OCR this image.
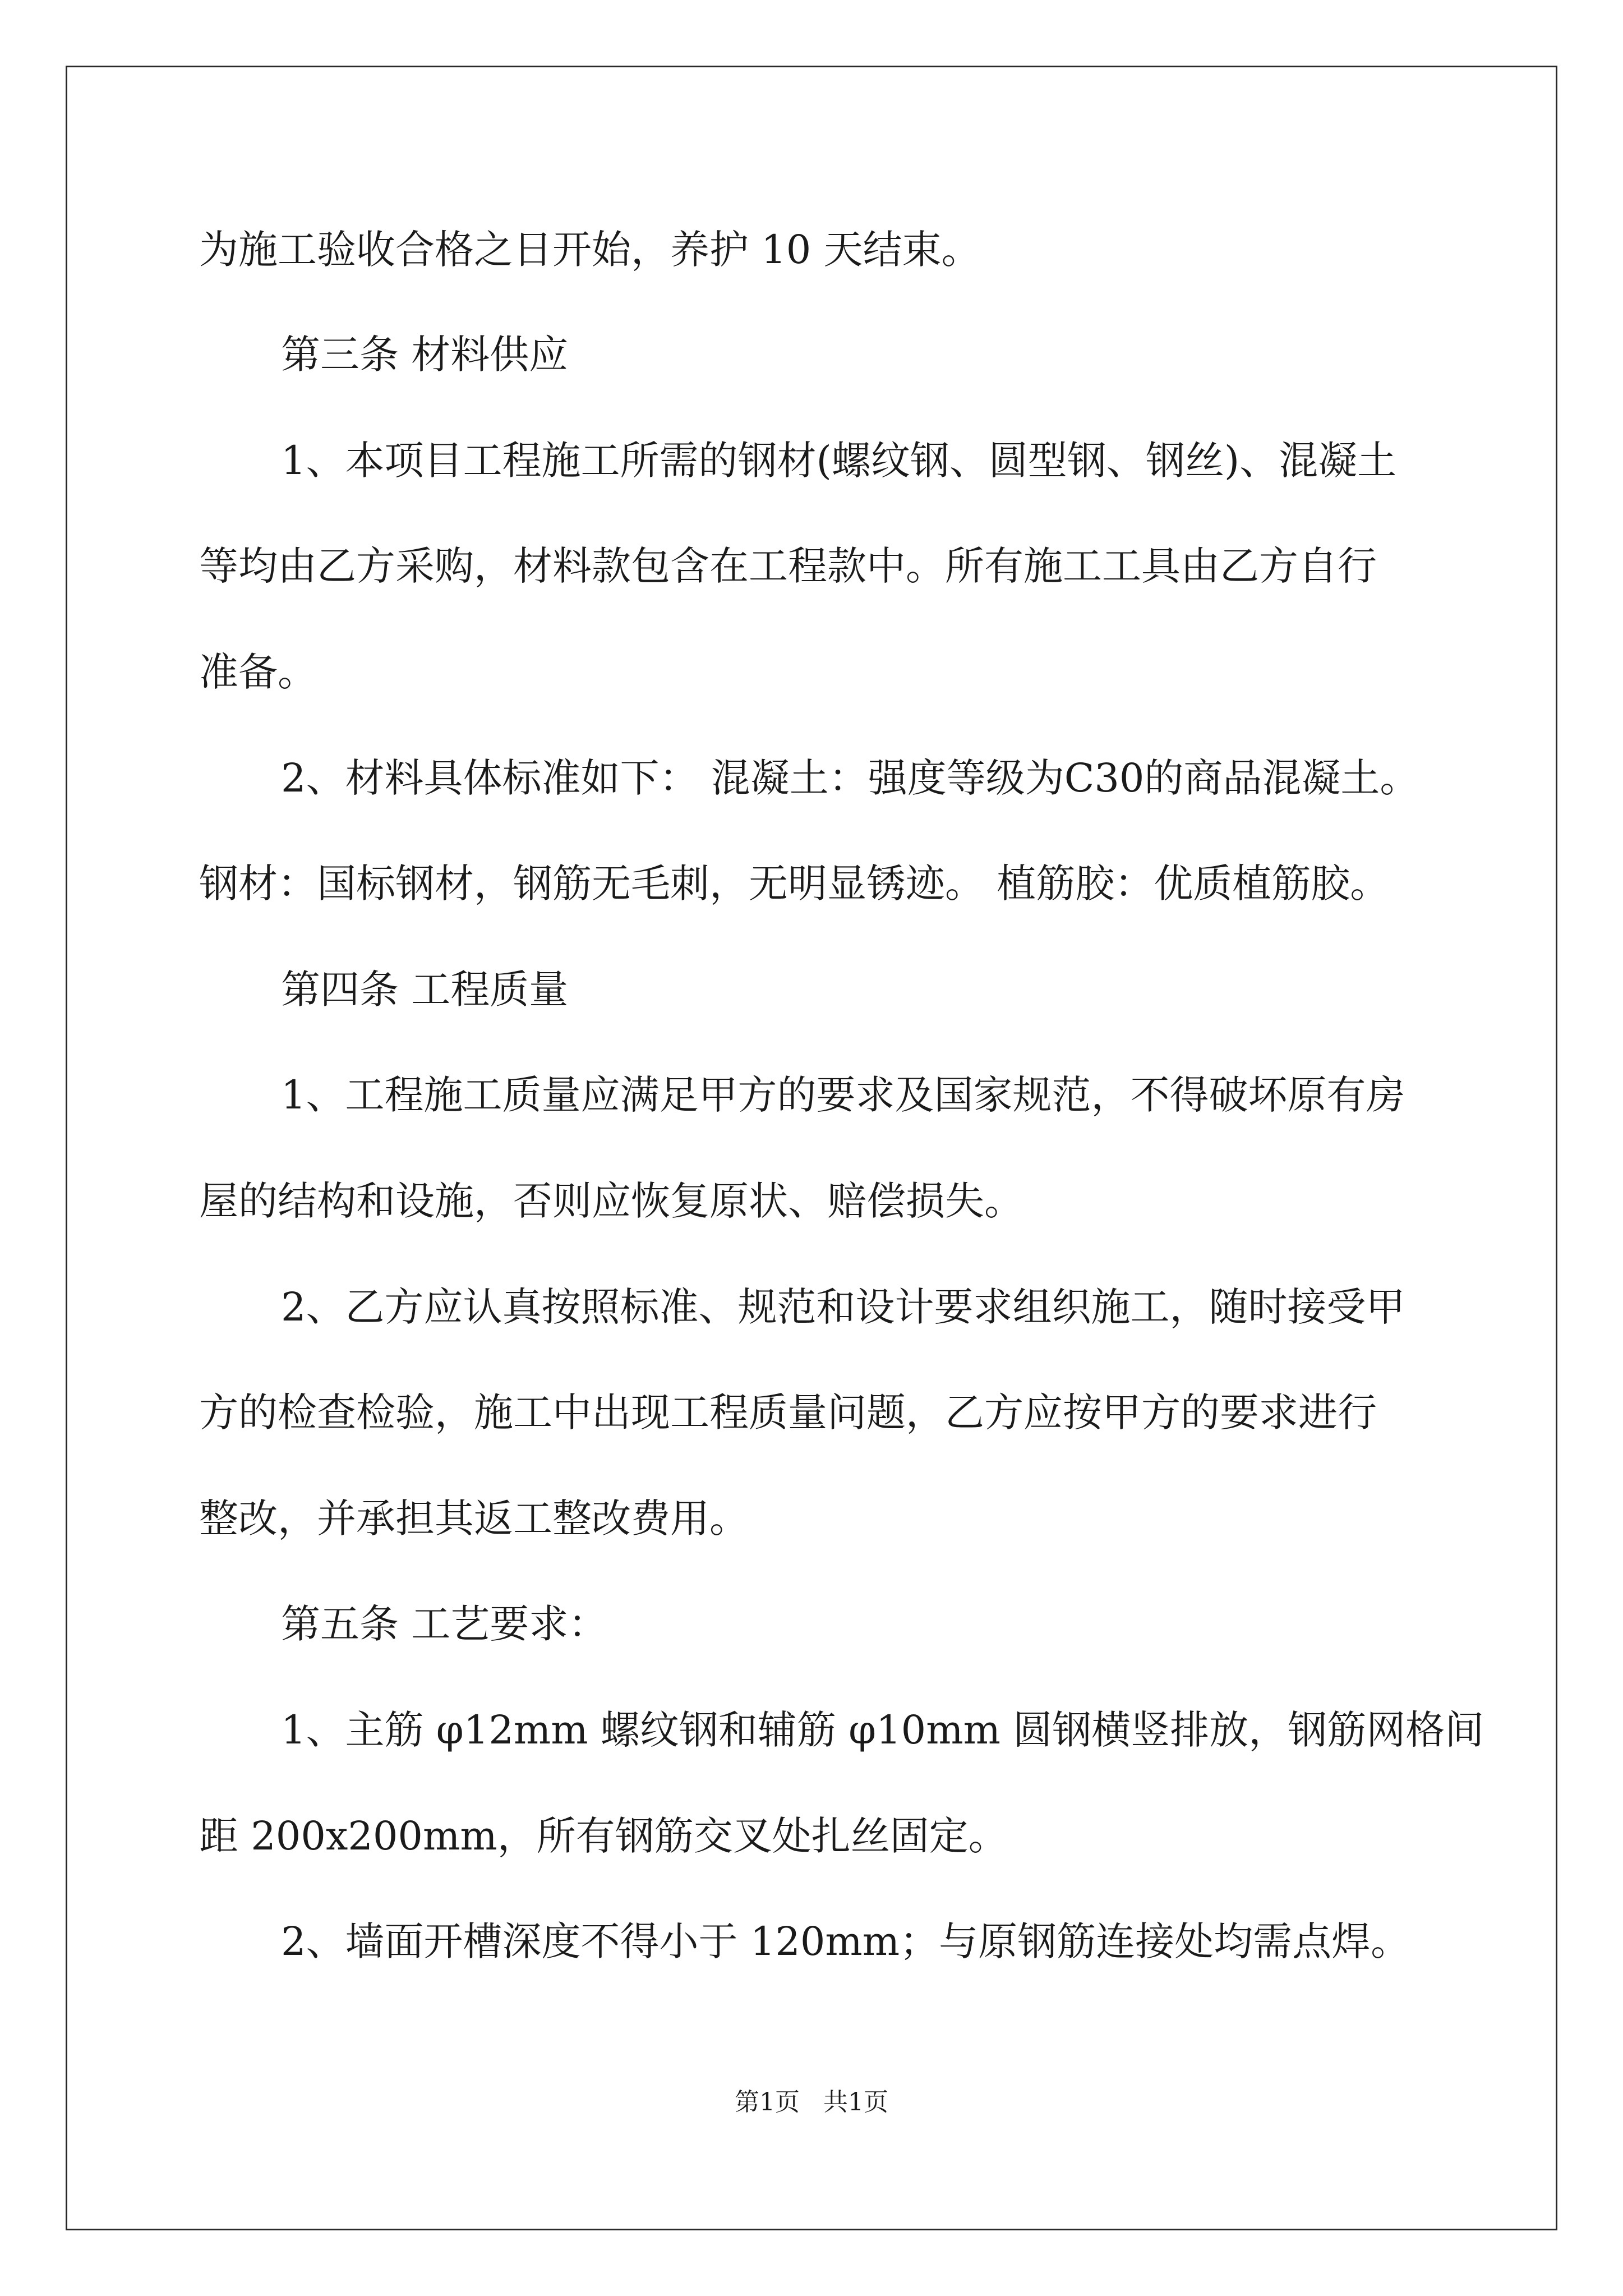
为施工验收合格之日开始，养护 10 天结束。
第三条 材料供应
1、本项目工程施工所需的钢材(螺纹钢、圆型钢、钢丝)、混凝土
等均由乙方采购，材料款包含在工程款中。所有施工工具由乙方自行
准备。
2、材料具体标准如下： 混凝土：强度等级为C30的商品混凝土。
钢材：国标钢材，钢筋无毛刺，无明显锈迹。 植筋胶：优质植筋胶。
第四条 工程质量
1、工程施工质量应满足甲方的要求及国家规范，不得破坏原有房
屋的结构和设施，否则应恢复原状、赔偿损失。
2、乙方应认真按照标准、规范和设计要求组织施工，随时接受甲
方的检查检验，施工中出现工程质量问题，乙方应按甲方的要求进行
整改，并承担其返工整改费用。
第五条 工艺要求：
1、主筋 φ12mm 螺纹钢和辅筋 φ10mm 圆钢横竖排放，钢筋网格间
距 200x200mm，所有钢筋交叉处扎丝固定。
2、墙面开槽深度不得小于 120mm；与原钢筋连接处均需点焊。
第1页   共1页
